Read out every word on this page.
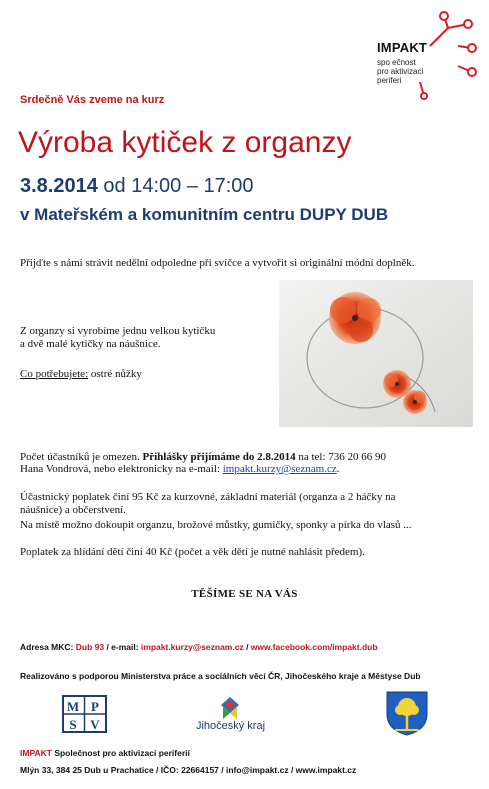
IMPAKT
spo ečnost
pro aktivizaci
periferi
Srdečně Vás zveme na kurz
Výroba kytiček z organzy
3.8.2014 od 14:00 – 17:00
v Mateřském a komunitním centru DUPY DUB
Přijďte s námi strávit nedělní odpoledne při svíčce a vytvořit si originální módní doplněk.
Z organzy si vyrobíme jednu velkou kytičku
a dvě malé kytičky na náušnice.
Co potřebujete: ostré nůžky
Počet účastníků je omezen. Přihlášky přijímáme do 2.8.2014 na tel: 736 20 66 90
Hana Vondrová, nebo elektronicky na e-mail: impakt.kurzy@seznam.cz.
Účastnický poplatek činí 95 Kč za kurzovné, základní materiál (organza a 2 háčky na
náušnice) a občerstvení.
Na místě možno dokoupit organzu, brožové můstky, gumičky, sponky a pírka do vlasů ...
Poplatek za hlídání dětí činí 40 Kč (počet a věk dětí je nutné nahlásit předem).
TĚŠÍME SE NA VÁS
Adresa MKC: Dub 93 / e-mail: impakt.kurzy@seznam.cz / www.facebook.com/impakt.dub
Realizováno s podporou Ministerstva práce a sociálních věcí ČR, Jihočeského kraje a Městyse Dub
M P
S V	Jihočeský kraj
IMPAKT Společnost pro aktivizaci periferií
Mlýn 33, 384 25 Dub u Prachatice / IČO: 22664157 / info@impakt.cz / www.impakt.cz
